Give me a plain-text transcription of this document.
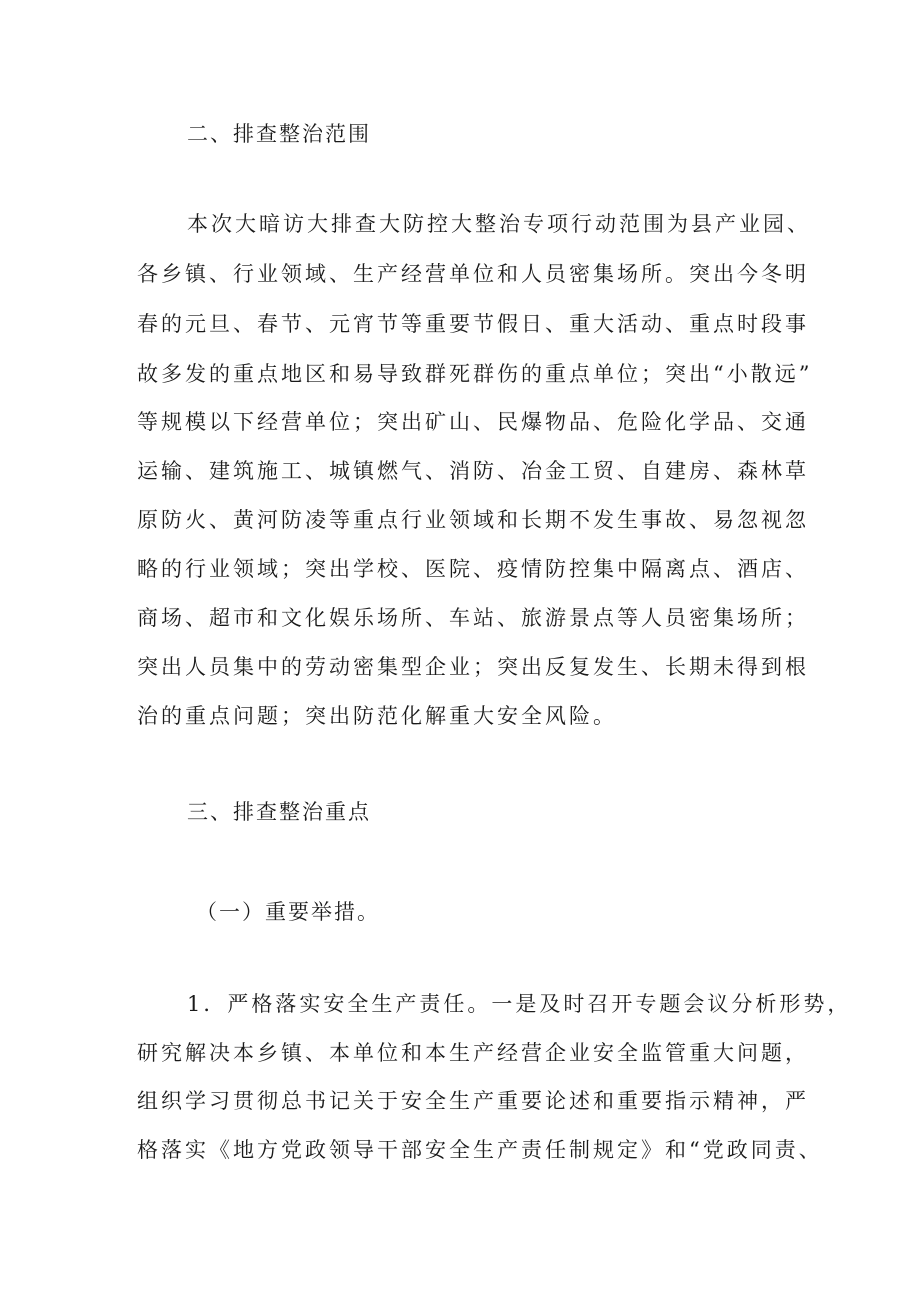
二、排查整治范围
本次大暗访大排查大防控大整治专项行动范围为县产业园、
各乡镇、行业领域、生产经营单位和人员密集场所。突出今冬明
春的元旦、春节、元宵节等重要节假日、重大活动、重点时段事
故多发的重点地区和易导致群死群伤的重点单位；突出“小散远”
等规模以下经营单位；突出矿山、民爆物品、危险化学品、交通
运输、建筑施工、城镇燃气、消防、冶金工贸、自建房、森林草
原防火、黄河防凌等重点行业领域和长期不发生事故、易忽视忽
略的行业领域；突出学校、医院、疫情防控集中隔离点、酒店、
商场、超市和文化娱乐场所、车站、旅游景点等人员密集场所；
突出人员集中的劳动密集型企业；突出反复发生、长期未得到根
治的重点问题；突出防范化解重大安全风险。
三、排查整治重点
（一）重要举措。
1．严格落实安全生产责任。一是及时召开专题会议分析形势，
研究解决本乡镇、本单位和本生产经营企业安全监管重大问题，
组织学习贯彻总书记关于安全生产重要论述和重要指示精神，严
格落实《地方党政领导干部安全生产责任制规定》和“党政同责、
